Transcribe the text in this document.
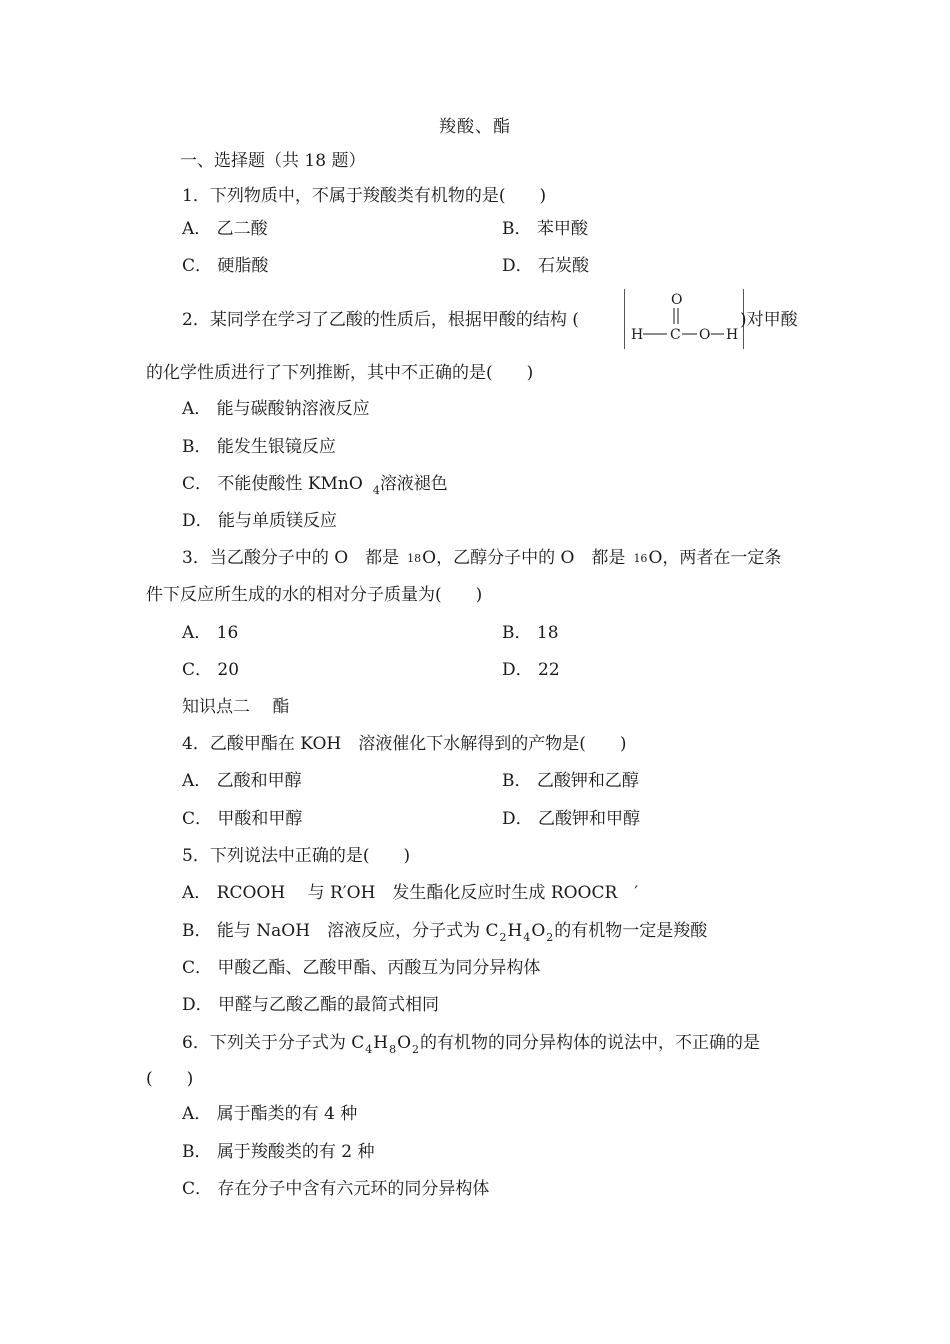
羧酸、酯
一、选择题（共 18 题）
1．下列物质中，不属于羧酸类有机物的是(　　)
A． 乙二酸	B． 苯甲酸
C． 硬脂酸	D． 石炭酸
2．某同学在学习了乙酸的性质后，根据甲酸的结构 (
O
H C O H
)对甲酸
的化学性质进行了下列推断，其中不正确的是(　　)
A． 能与碳酸钠溶液反应
B． 能发生银镜反应
C． 不能使酸性 KMnO $_4$溶液褪色
D． 能与单质镁反应
3．当乙酸分子中的 O　都是 18O，乙醇分子中的 O　都是 16O，两者在一定条
件下反应所生成的水的相对分子质量为(　　)
A． 16	B． 18
C． 20	D． 22
知识点二　 酯
4．乙酸甲酯在 KOH　溶液催化下水解得到的产物是(　　)
A． 乙酸和甲醇	B． 乙酸钾和乙醇
C． 甲酸和甲醇	D． 乙酸钾和甲醇
5．下列说法中正确的是(　　)
A． RCOOH　 与 R′OH　发生酯化反应时生成 ROOCR　′
B． 能与 NaOH　溶液反应，分子式为 $C_2H_4O_2$的有机物一定是羧酸
C． 甲酸乙酯、乙酸甲酯、丙酸互为同分异构体
D． 甲醛与乙酸乙酯的最简式相同
6．下列关于分子式为 $C_4H_8O_2$的有机物的同分异构体的说法中，不正确的是
(　　)
A． 属于酯类的有 4 种
B． 属于羧酸类的有 2 种
C． 存在分子中含有六元环的同分异构体
